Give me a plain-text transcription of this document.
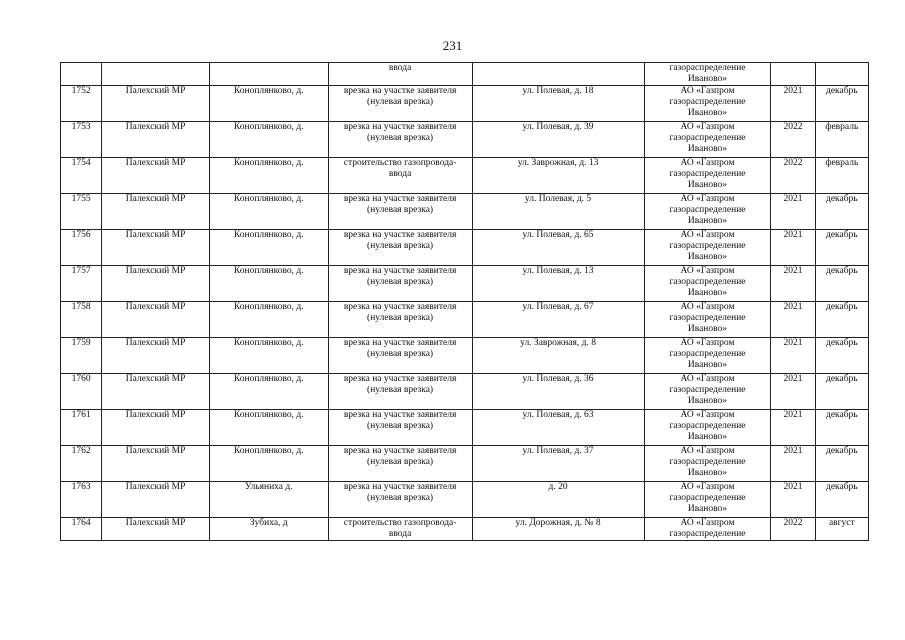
231

			ввода		газораспределение
Иваново»		

1752	Палехский МР	Коноплянково, д.	врезка на участке заявителя
(нулевая врезка)	ул. Полевая, д. 18	АО «Газпром
газораспределение
Иваново»	2021	декабрь

1753	Палехский МР	Коноплянково, д.	врезка на участке заявителя
(нулевая врезка)	ул. Полевая, д. 39	АО «Газпром
газораспределение
Иваново»	2022	февраль

1754	Палехский МР	Коноплянково, д.	строительство газопровода-
ввода	ул. Заврожная, д. 13	АО «Газпром
газораспределение
Иваново»	2022	февраль

1755	Палехский МР	Коноплянково, д.	врезка на участке заявителя
(нулевая врезка)	ул. Полевая, д. 5	АО «Газпром
газораспределение
Иваново»	2021	декабрь

1756	Палехский МР	Коноплянково, д.	врезка на участке заявителя
(нулевая врезка)	ул. Полевая, д. 65	АО «Газпром
газораспределение
Иваново»	2021	декабрь

1757	Палехский МР	Коноплянково, д.	врезка на участке заявителя
(нулевая врезка)	ул. Полевая, д. 13	АО «Газпром
газораспределение
Иваново»	2021	декабрь

1758	Палехский МР	Коноплянково, д.	врезка на участке заявителя
(нулевая врезка)	ул. Полевая, д. 67	АО «Газпром
газораспределение
Иваново»	2021	декабрь

1759	Палехский МР	Коноплянково, д.	врезка на участке заявителя
(нулевая врезка)	ул. Заврожная, д. 8	АО «Газпром
газораспределение
Иваново»	2021	декабрь

1760	Палехский МР	Коноплянково, д.	врезка на участке заявителя
(нулевая врезка)	ул. Полевая, д. 36	АО «Газпром
газораспределение
Иваново»	2021	декабрь

1761	Палехский МР	Коноплянково, д.	врезка на участке заявителя
(нулевая врезка)	ул. Полевая, д. 63	АО «Газпром
газораспределение
Иваново»	2021	декабрь

1762	Палехский МР	Коноплянково, д.	врезка на участке заявителя
(нулевая врезка)	ул. Полевая, д. 37	АО «Газпром
газораспределение
Иваново»	2021	декабрь

1763	Палехский МР	Ульяниха д.	врезка на участке заявителя
(нулевая врезка)	д. 20	АО «Газпром
газораспределение
Иваново»	2021	декабрь

1764	Палехский МР	Зубиха, д	строительство газопровода-
ввода	ул. Дорожная, д. № 8	АО «Газпром
газораспределение	2022	август
